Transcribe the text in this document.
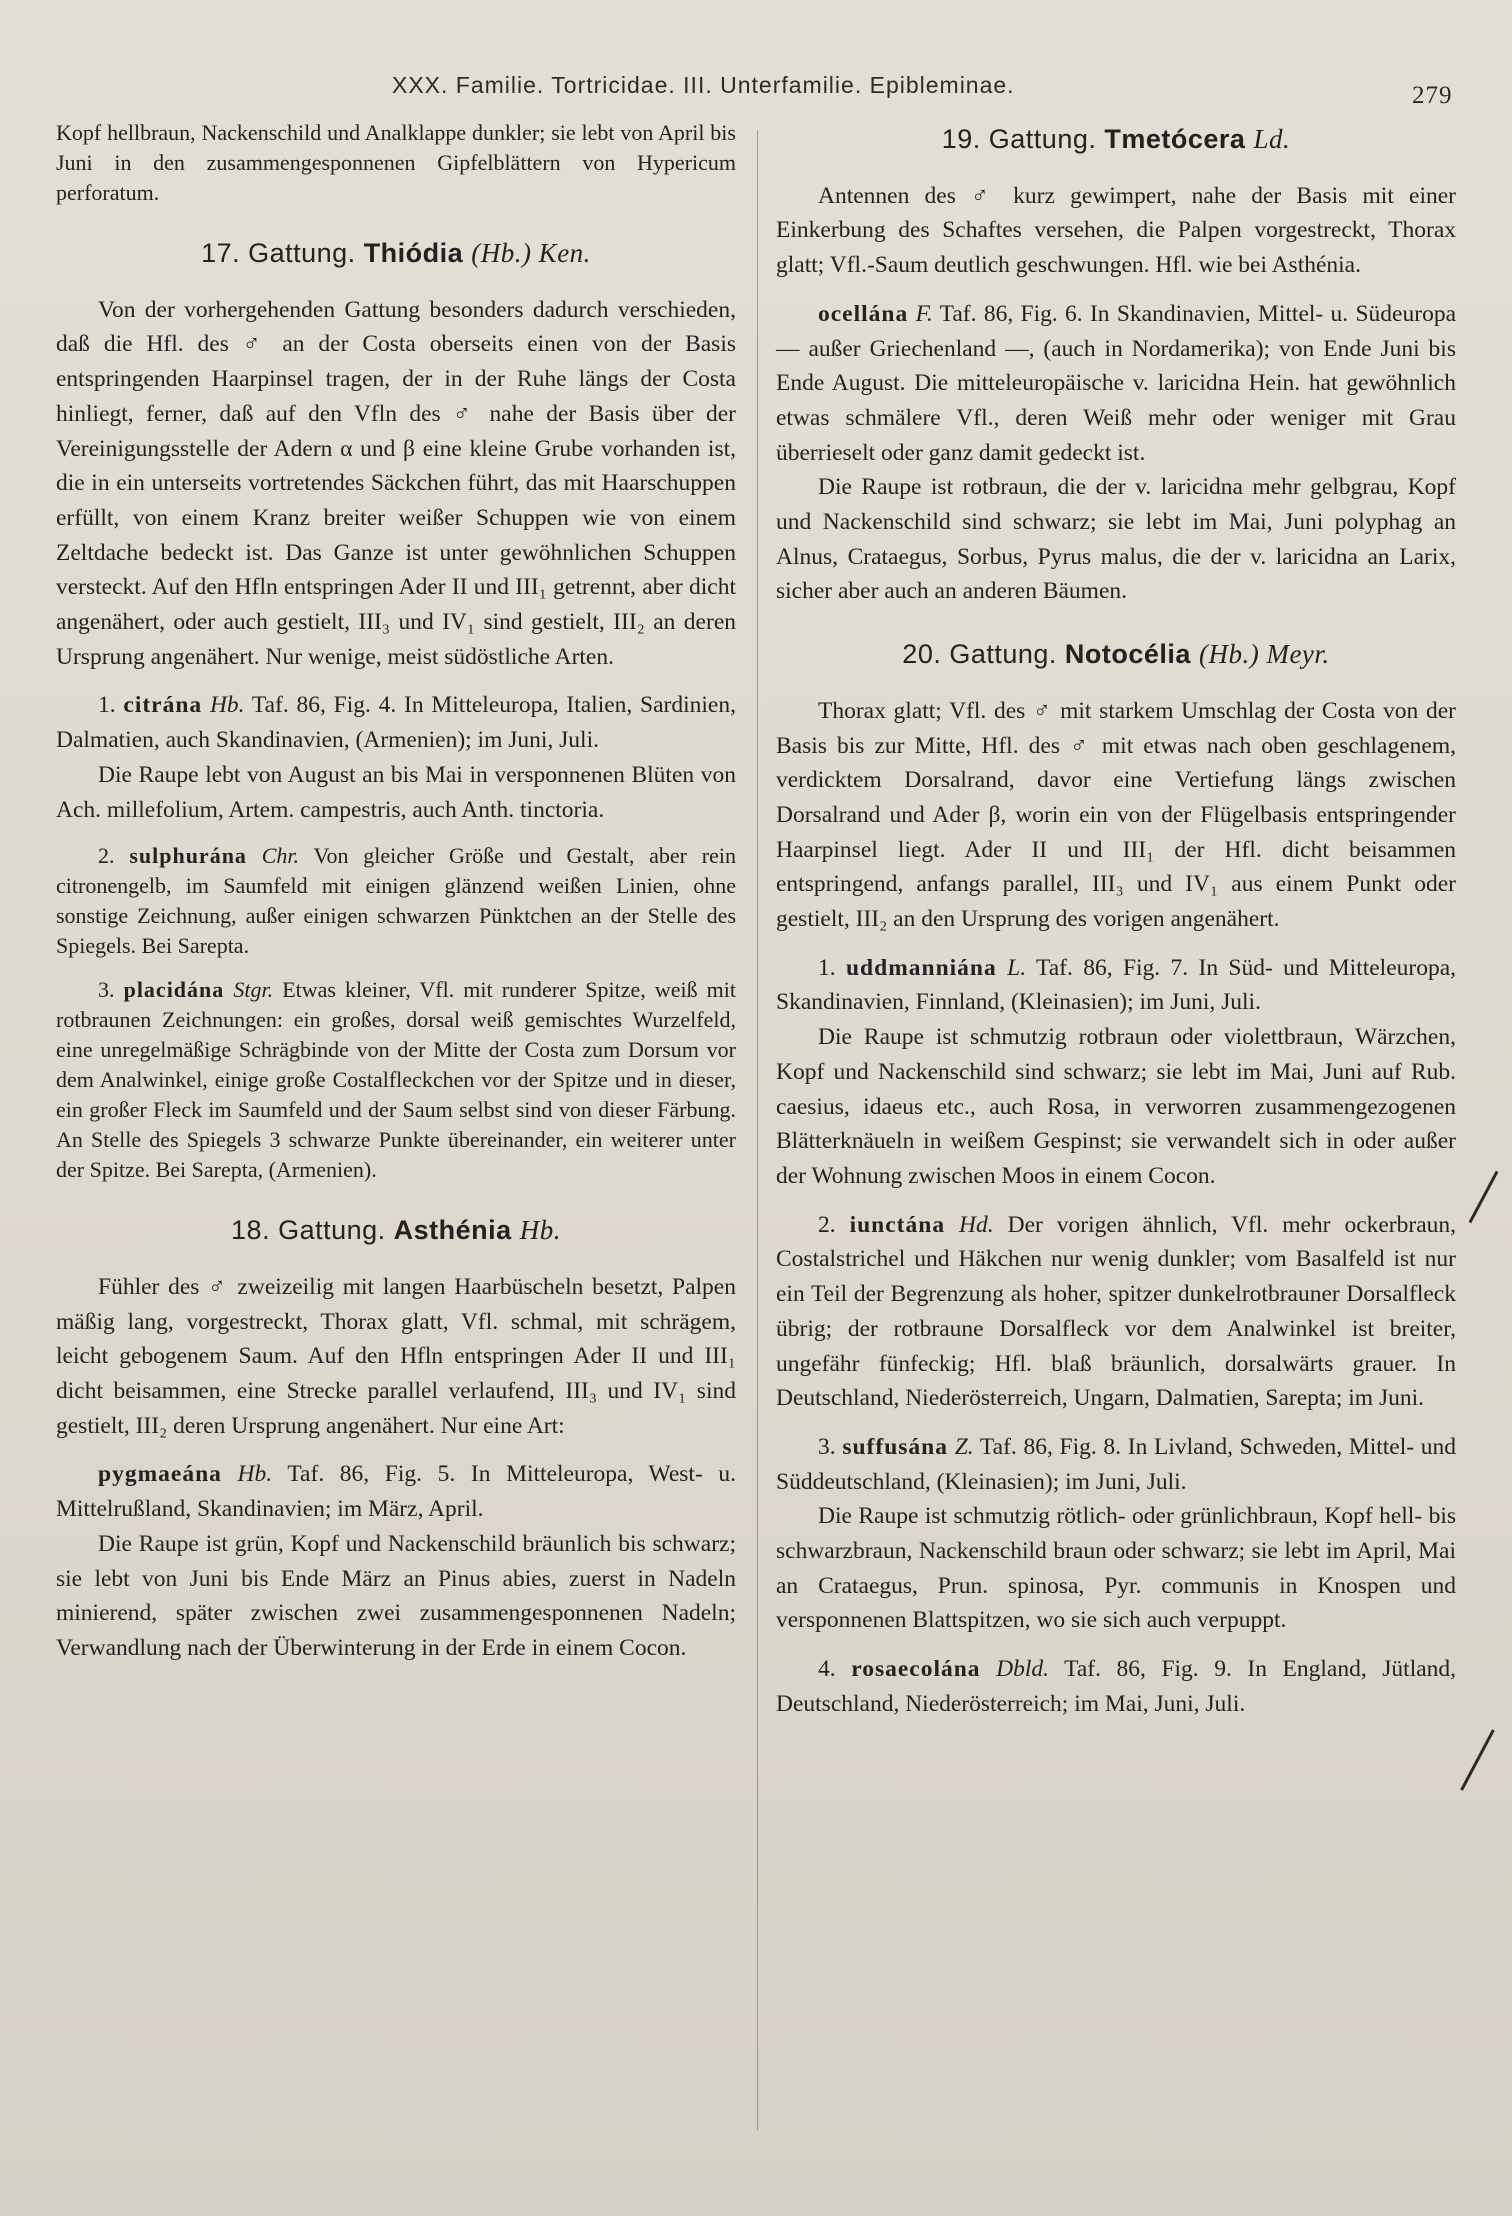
XXX. Familie. Tortricidae. III. Unterfamilie. Epibleminae.	279

Kopf hellbraun, Nackenschild und Analklappe dunkler; sie lebt von April bis Juni in den zusammengesponnenen Gipfelblättern von Hypericum perforatum.

17. Gattung. Thiódia (Hb.) Ken.

Von der vorhergehenden Gattung besonders dadurch verschieden, daß die Hfl. des ♂ an der Costa oberseits einen von der Basis entspringenden Haarpinsel tragen, der in der Ruhe längs der Costa hinliegt, ferner, daß auf den Vfln des ♂ nahe der Basis über der Vereinigungsstelle der Adern α und β eine kleine Grube vorhanden ist, die in ein unterseits vortretendes Säckchen führt, das mit Haarschuppen erfüllt, von einem Kranz breiter weißer Schuppen wie von einem Zeltdache bedeckt ist. Das Ganze ist unter gewöhnlichen Schuppen versteckt. Auf den Hfln entspringen Ader II und III₁ getrennt, aber dicht angenähert, oder auch gestielt, III₃ und IV₁ sind gestielt, III₂ an deren Ursprung angenähert. Nur wenige, meist südöstliche Arten.

1. citrána Hb. Taf. 86, Fig. 4. In Mitteleuropa, Italien, Sardinien, Dalmatien, auch Skandinavien, (Armenien); im Juni, Juli.

Die Raupe lebt von August an bis Mai in versponnenen Blüten von Ach. millefolium, Artem. campestris, auch Anth. tinctoria.

2. sulphurána Chr. Von gleicher Größe und Gestalt, aber rein citronengelb, im Saumfeld mit einigen glänzend weißen Linien, ohne sonstige Zeichnung, außer einigen schwarzen Pünktchen an der Stelle des Spiegels. Bei Sarepta.

3. placidána Stgr. Etwas kleiner, Vfl. mit runderer Spitze, weiß mit rotbraunen Zeichnungen: ein großes, dorsal weiß gemischtes Wurzelfeld, eine unregelmäßige Schrägbinde von der Mitte der Costa zum Dorsum vor dem Analwinkel, einige große Costalfleckchen vor der Spitze und in dieser, ein großer Fleck im Saumfeld und der Saum selbst sind von dieser Färbung. An Stelle des Spiegels 3 schwarze Punkte übereinander, ein weiterer unter der Spitze. Bei Sarepta, (Armenien).

18. Gattung. Asthénia Hb.

Fühler des ♂ zweizeilig mit langen Haarbüscheln besetzt, Palpen mäßig lang, vorgestreckt, Thorax glatt, Vfl. schmal, mit schrägem, leicht gebogenem Saum. Auf den Hfln entspringen Ader II und III₁ dicht beisammen, eine Strecke parallel verlaufend, III₃ und IV₁ sind gestielt, III₂ deren Ursprung angenähert. Nur eine Art:

pygmaeána Hb. Taf. 86, Fig. 5. In Mitteleuropa, West- u. Mittelrußland, Skandinavien; im März, April.

Die Raupe ist grün, Kopf und Nackenschild bräunlich bis schwarz; sie lebt von Juni bis Ende März an Pinus abies, zuerst in Nadeln minierend, später zwischen zwei zusammengesponnenen Nadeln; Verwandlung nach der Überwinterung in der Erde in einem Cocon.

19. Gattung. Tmetócera Ld.

Antennen des ♂ kurz gewimpert, nahe der Basis mit einer Einkerbung des Schaftes versehen, die Palpen vorgestreckt, Thorax glatt; Vfl.-Saum deutlich geschwungen. Hfl. wie bei Asthénia.

ocellána F. Taf. 86, Fig. 6. In Skandinavien, Mittel- u. Südeuropa — außer Griechenland —, (auch in Nordamerika); von Ende Juni bis Ende August. Die mitteleuropäische v. laricidna Hein. hat gewöhnlich etwas schmälere Vfl., deren Weiß mehr oder weniger mit Grau überrieselt oder ganz damit gedeckt ist.

Die Raupe ist rotbraun, die der v. laricidna mehr gelbgrau, Kopf und Nackenschild sind schwarz; sie lebt im Mai, Juni polyphag an Alnus, Crataegus, Sorbus, Pyrus malus, die der v. laricidna an Larix, sicher aber auch an anderen Bäumen.

20. Gattung. Notocélia (Hb.) Meyr.

Thorax glatt; Vfl. des ♂ mit starkem Umschlag der Costa von der Basis bis zur Mitte, Hfl. des ♂ mit etwas nach oben geschlagenem, verdicktem Dorsalrand, davor eine Vertiefung längs zwischen Dorsalrand und Ader β, worin ein von der Flügelbasis entspringender Haarpinsel liegt. Ader II und III₁ der Hfl. dicht beisammen entspringend, anfangs parallel, III₃ und IV₁ aus einem Punkt oder gestielt, III₂ an den Ursprung des vorigen angenähert.

1. uddmanniána L. Taf. 86, Fig. 7. In Süd- und Mitteleuropa, Skandinavien, Finnland, (Kleinasien); im Juni, Juli.

Die Raupe ist schmutzig rotbraun oder violettbraun, Wärzchen, Kopf und Nackenschild sind schwarz; sie lebt im Mai, Juni auf Rub. caesius, idaeus etc., auch Rosa, in verworren zusammengezogenen Blätterknäueln in weißem Gespinst; sie verwandelt sich in oder außer der Wohnung zwischen Moos in einem Cocon.

2. iunctána Hd. Der vorigen ähnlich, Vfl. mehr ockerbraun, Costalstrichel und Häkchen nur wenig dunkler; vom Basalfeld ist nur ein Teil der Begrenzung als hoher, spitzer dunkelrotbrauner Dorsalfleck übrig; der rotbraune Dorsalfleck vor dem Analwinkel ist breiter, ungefähr fünfeckig; Hfl. blaß bräunlich, dorsalwärts grauer. In Deutschland, Niederösterreich, Ungarn, Dalmatien, Sarepta; im Juni.

3. suffusána Z. Taf. 86, Fig. 8. In Livland, Schweden, Mittel- und Süddeutschland, (Kleinasien); im Juni, Juli.

Die Raupe ist schmutzig rötlich- oder grünlichbraun, Kopf hell- bis schwarzbraun, Nackenschild braun oder schwarz; sie lebt im April, Mai an Crataegus, Prun. spinosa, Pyr. communis in Knospen und versponnenen Blattspitzen, wo sie sich auch verpuppt.

4. rosaecolána Dbld. Taf. 86, Fig. 9. In England, Jütland, Deutschland, Niederösterreich; im Mai, Juni, Juli.
